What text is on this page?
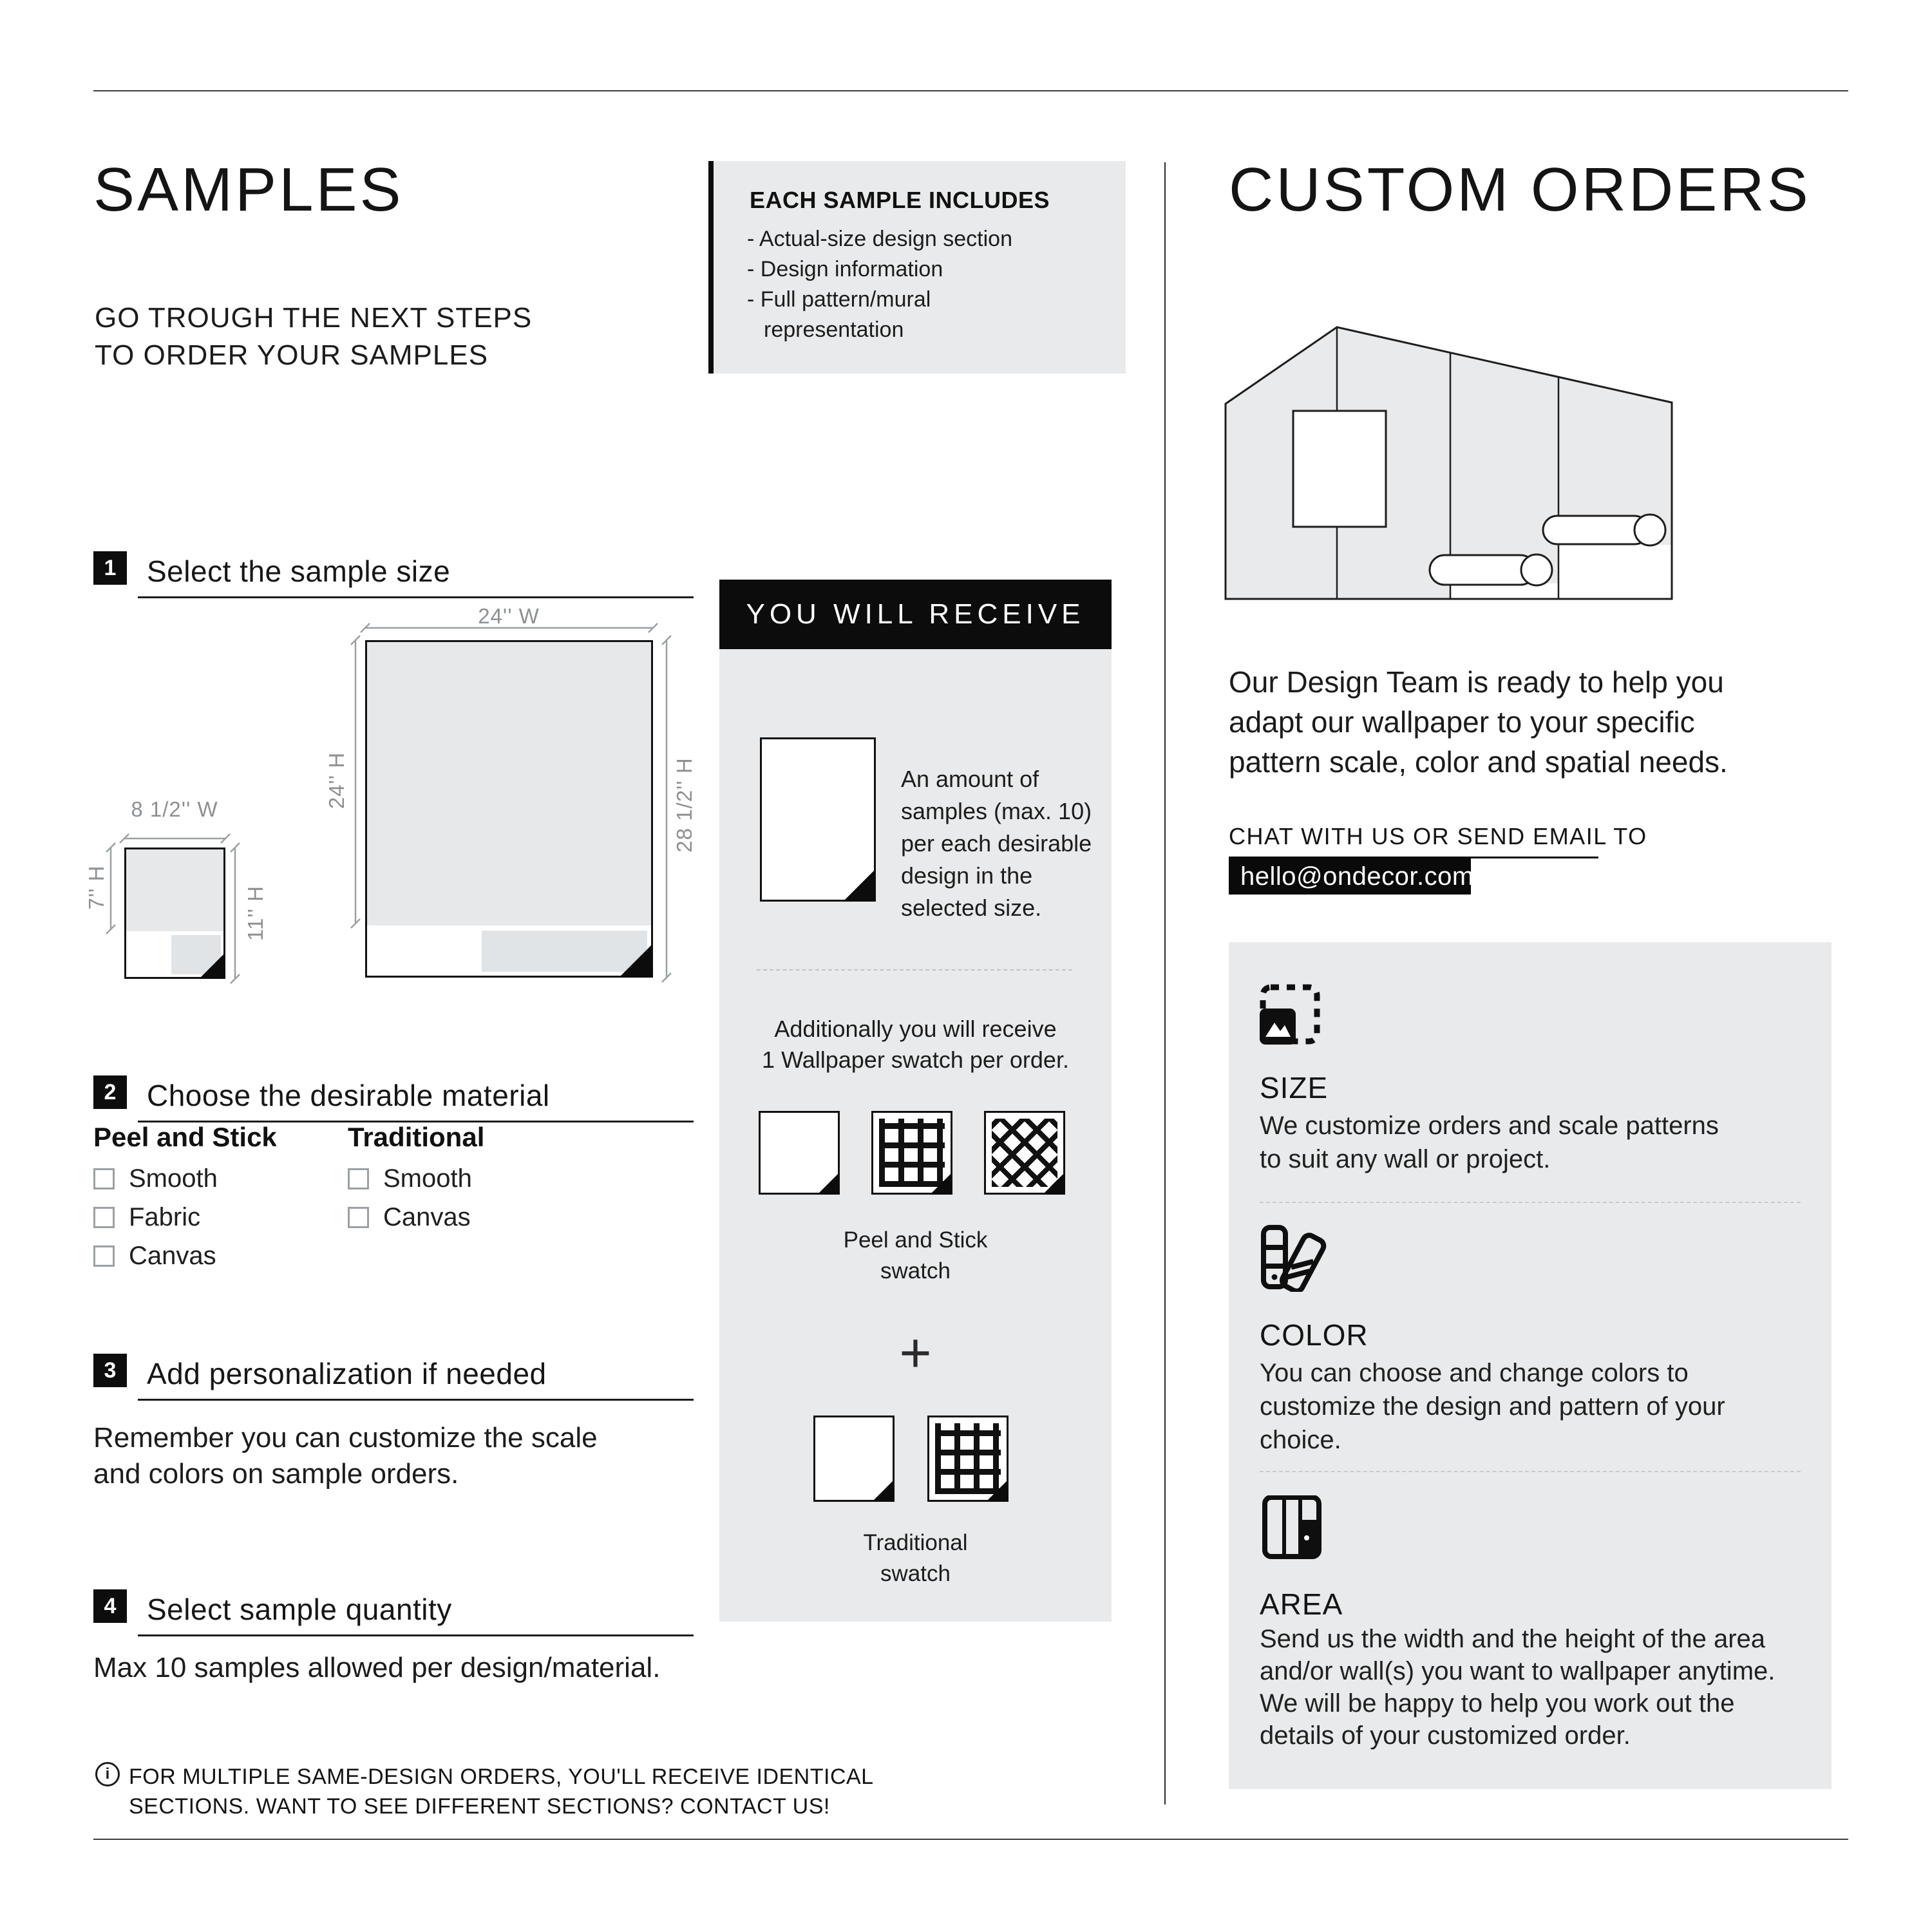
SAMPLES
GO TROUGH THE NEXT STEPS
TO ORDER YOUR SAMPLES
EACH SAMPLE INCLUDES
- Actual-size design section
- Design information
- Full pattern/mural
representation
1	Select the sample size
24'' W
24'' H	28 1/2'' H
8 1/2'' W
7'' H	11'' H
2	Choose the desirable material
Peel and Stick	Traditional
Smooth
Fabric
Canvas
Smooth
Canvas
3	Add personalization if needed
Remember you can customize the scale
and colors on sample orders.
4	Select sample quantity
Max 10 samples allowed per design/material.
i FOR MULTIPLE SAME-DESIGN ORDERS, YOU'LL RECEIVE IDENTICAL
SECTIONS. WANT TO SEE DIFFERENT SECTIONS? CONTACT US!
YOU WILL RECEIVE
An amount of
samples (max. 10)
per each desirable
design in the
selected size.
Additionally you will receive
1 Wallpaper swatch per order.
Peel and Stick
swatch
+
Traditional
swatch
CUSTOM ORDERS
Our Design Team is ready to help you
adapt our wallpaper to your specific
pattern scale, color and spatial needs.
CHAT WITH US OR SEND EMAIL TO
hello@ondecor.com
SIZE
We customize orders and scale patterns
to suit any wall or project.
COLOR
You can choose and change colors to
customize the design and pattern of your
choice.
AREA
Send us the width and the height of the area
and/or wall(s) you want to wallpaper anytime.
We will be happy to help you work out the
details of your customized order.
